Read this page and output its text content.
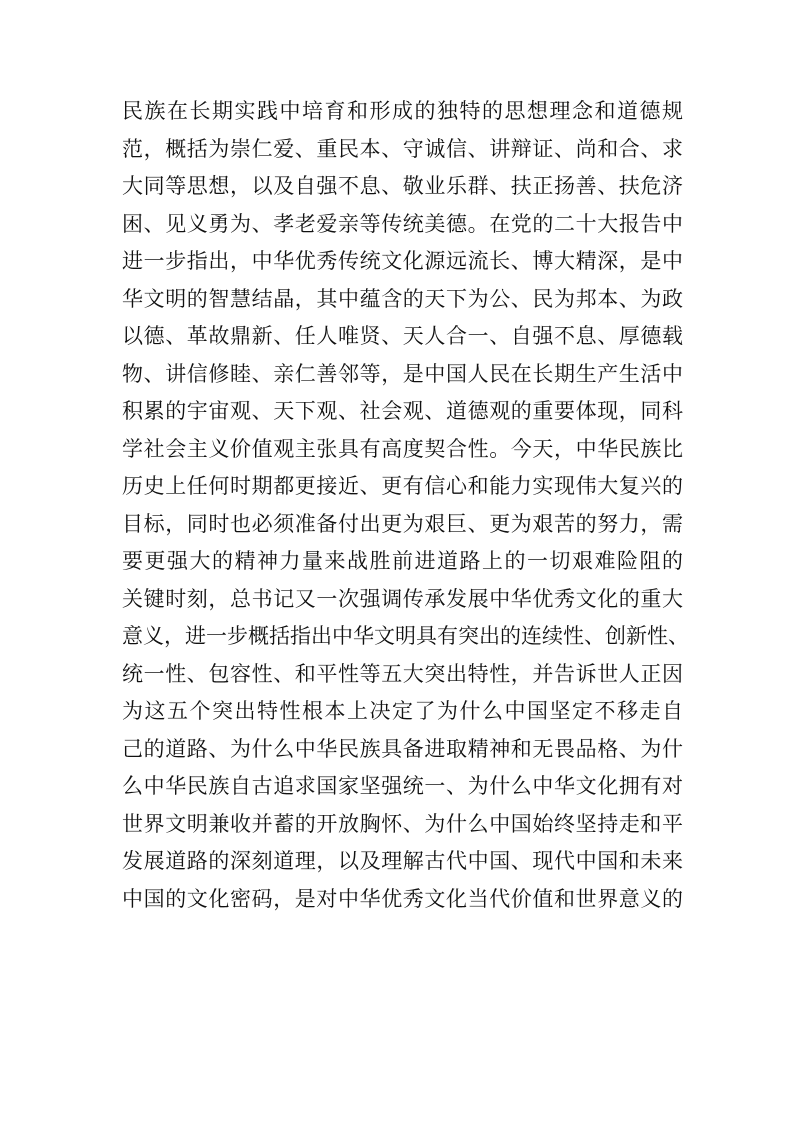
民族在长期实践中培育和形成的独特的思想理念和道德规
范，概括为崇仁爱、重民本、守诚信、讲辩证、尚和合、求
大同等思想，以及自强不息、敬业乐群、扶正扬善、扶危济
困、见义勇为、孝老爱亲等传统美德。在党的二十大报告中
进一步指出，中华优秀传统文化源远流长、博大精深，是中
华文明的智慧结晶，其中蕴含的天下为公、民为邦本、为政
以德、革故鼎新、任人唯贤、天人合一、自强不息、厚德载
物、讲信修睦、亲仁善邻等，是中国人民在长期生产生活中
积累的宇宙观、天下观、社会观、道德观的重要体现，同科
学社会主义价值观主张具有高度契合性。今天，中华民族比
历史上任何时期都更接近、更有信心和能力实现伟大复兴的
目标，同时也必须准备付出更为艰巨、更为艰苦的努力，需
要更强大的精神力量来战胜前进道路上的一切艰难险阻的
关键时刻，总书记又一次强调传承发展中华优秀文化的重大
意义，进一步概括指出中华文明具有突出的连续性、创新性、
统一性、包容性、和平性等五大突出特性，并告诉世人正因
为这五个突出特性根本上决定了为什么中国坚定不移走自
己的道路、为什么中华民族具备进取精神和无畏品格、为什
么中华民族自古追求国家坚强统一、为什么中华文化拥有对
世界文明兼收并蓄的开放胸怀、为什么中国始终坚持走和平
发展道路的深刻道理，以及理解古代中国、现代中国和未来
中国的文化密码，是对中华优秀文化当代价值和世界意义的
